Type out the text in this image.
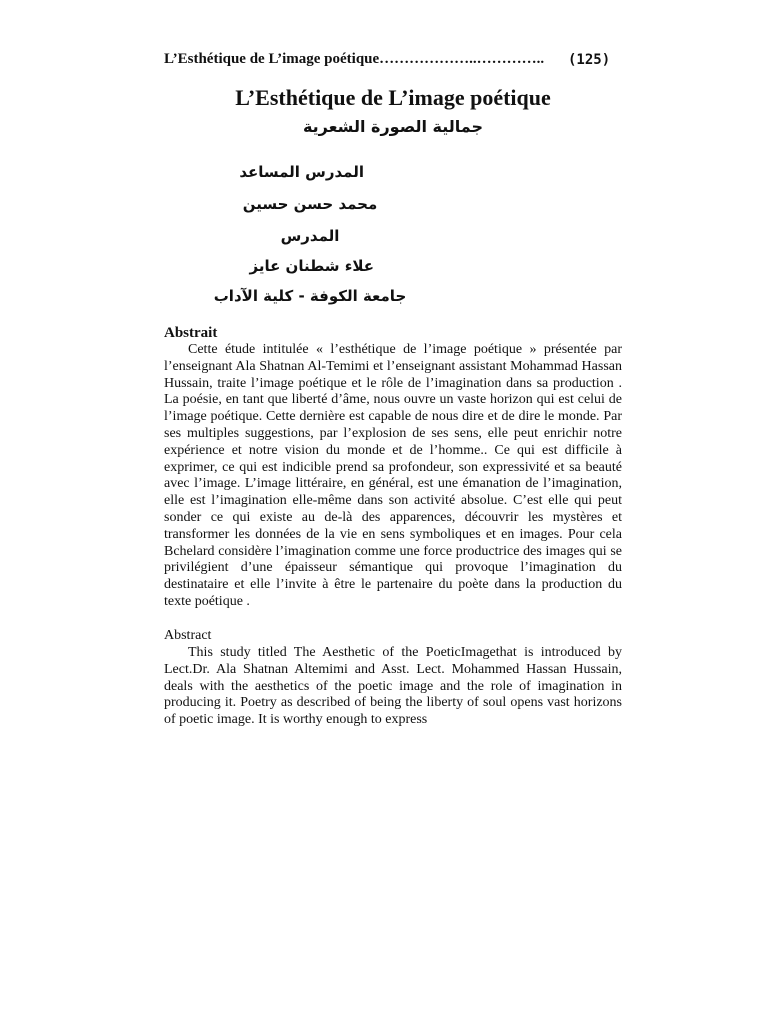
L’Esthétique de L’image poétique………………..………….. (125)
L’Esthétique de L’image poétique
جمالية الصورة الشعرية
المدرس المساعد
محمد حسن حسين
المدرس
علاء شطنان عايز
جامعة الكوفة - كلية الآداب
Abstrait
Cette étude intitulée « l’esthétique de l’image poétique » présentée par l’enseignant Ala Shatnan Al-Temimi et l’enseignant assistant Mohammad Hassan Hussain, traite l’image poétique et le rôle de l’imagination dans sa production . La poésie, en tant que liberté d’âme, nous ouvre un vaste horizon qui est celui de l’image poétique. Cette dernière est capable de nous dire et de dire le monde. Par ses multiples suggestions, par l’explosion de ses sens, elle peut enrichir notre expérience et notre vision du monde et de l’homme.. Ce qui est difficile à exprimer, ce qui est indicible prend sa profondeur, son expressivité et sa beauté avec l’image. L’image littéraire, en général, est une émanation de l’imagination, elle est l’imagination elle-même dans son activité absolue. C’est elle qui peut sonder ce qui existe au de-là des apparences, découvrir les mystères et transformer les données de la vie en sens symboliques et en images. Pour cela Bchelard considère l’imagination comme une force productrice des images qui se privilégient d’une épaisseur sémantique qui provoque l’imagination du destinataire et elle l’invite à être le partenaire du poète dans la production du texte poétique .
Abstract
This study titled The Aesthetic of the PoeticImagethat is introduced by Lect.Dr. Ala Shatnan Altemimi and Asst. Lect. Mohammed Hassan Hussain, deals with the aesthetics of the poetic image and the role of imagination in producing it. Poetry as described of being the liberty of soul opens vast horizons of poetic image. It is worthy enough to express
